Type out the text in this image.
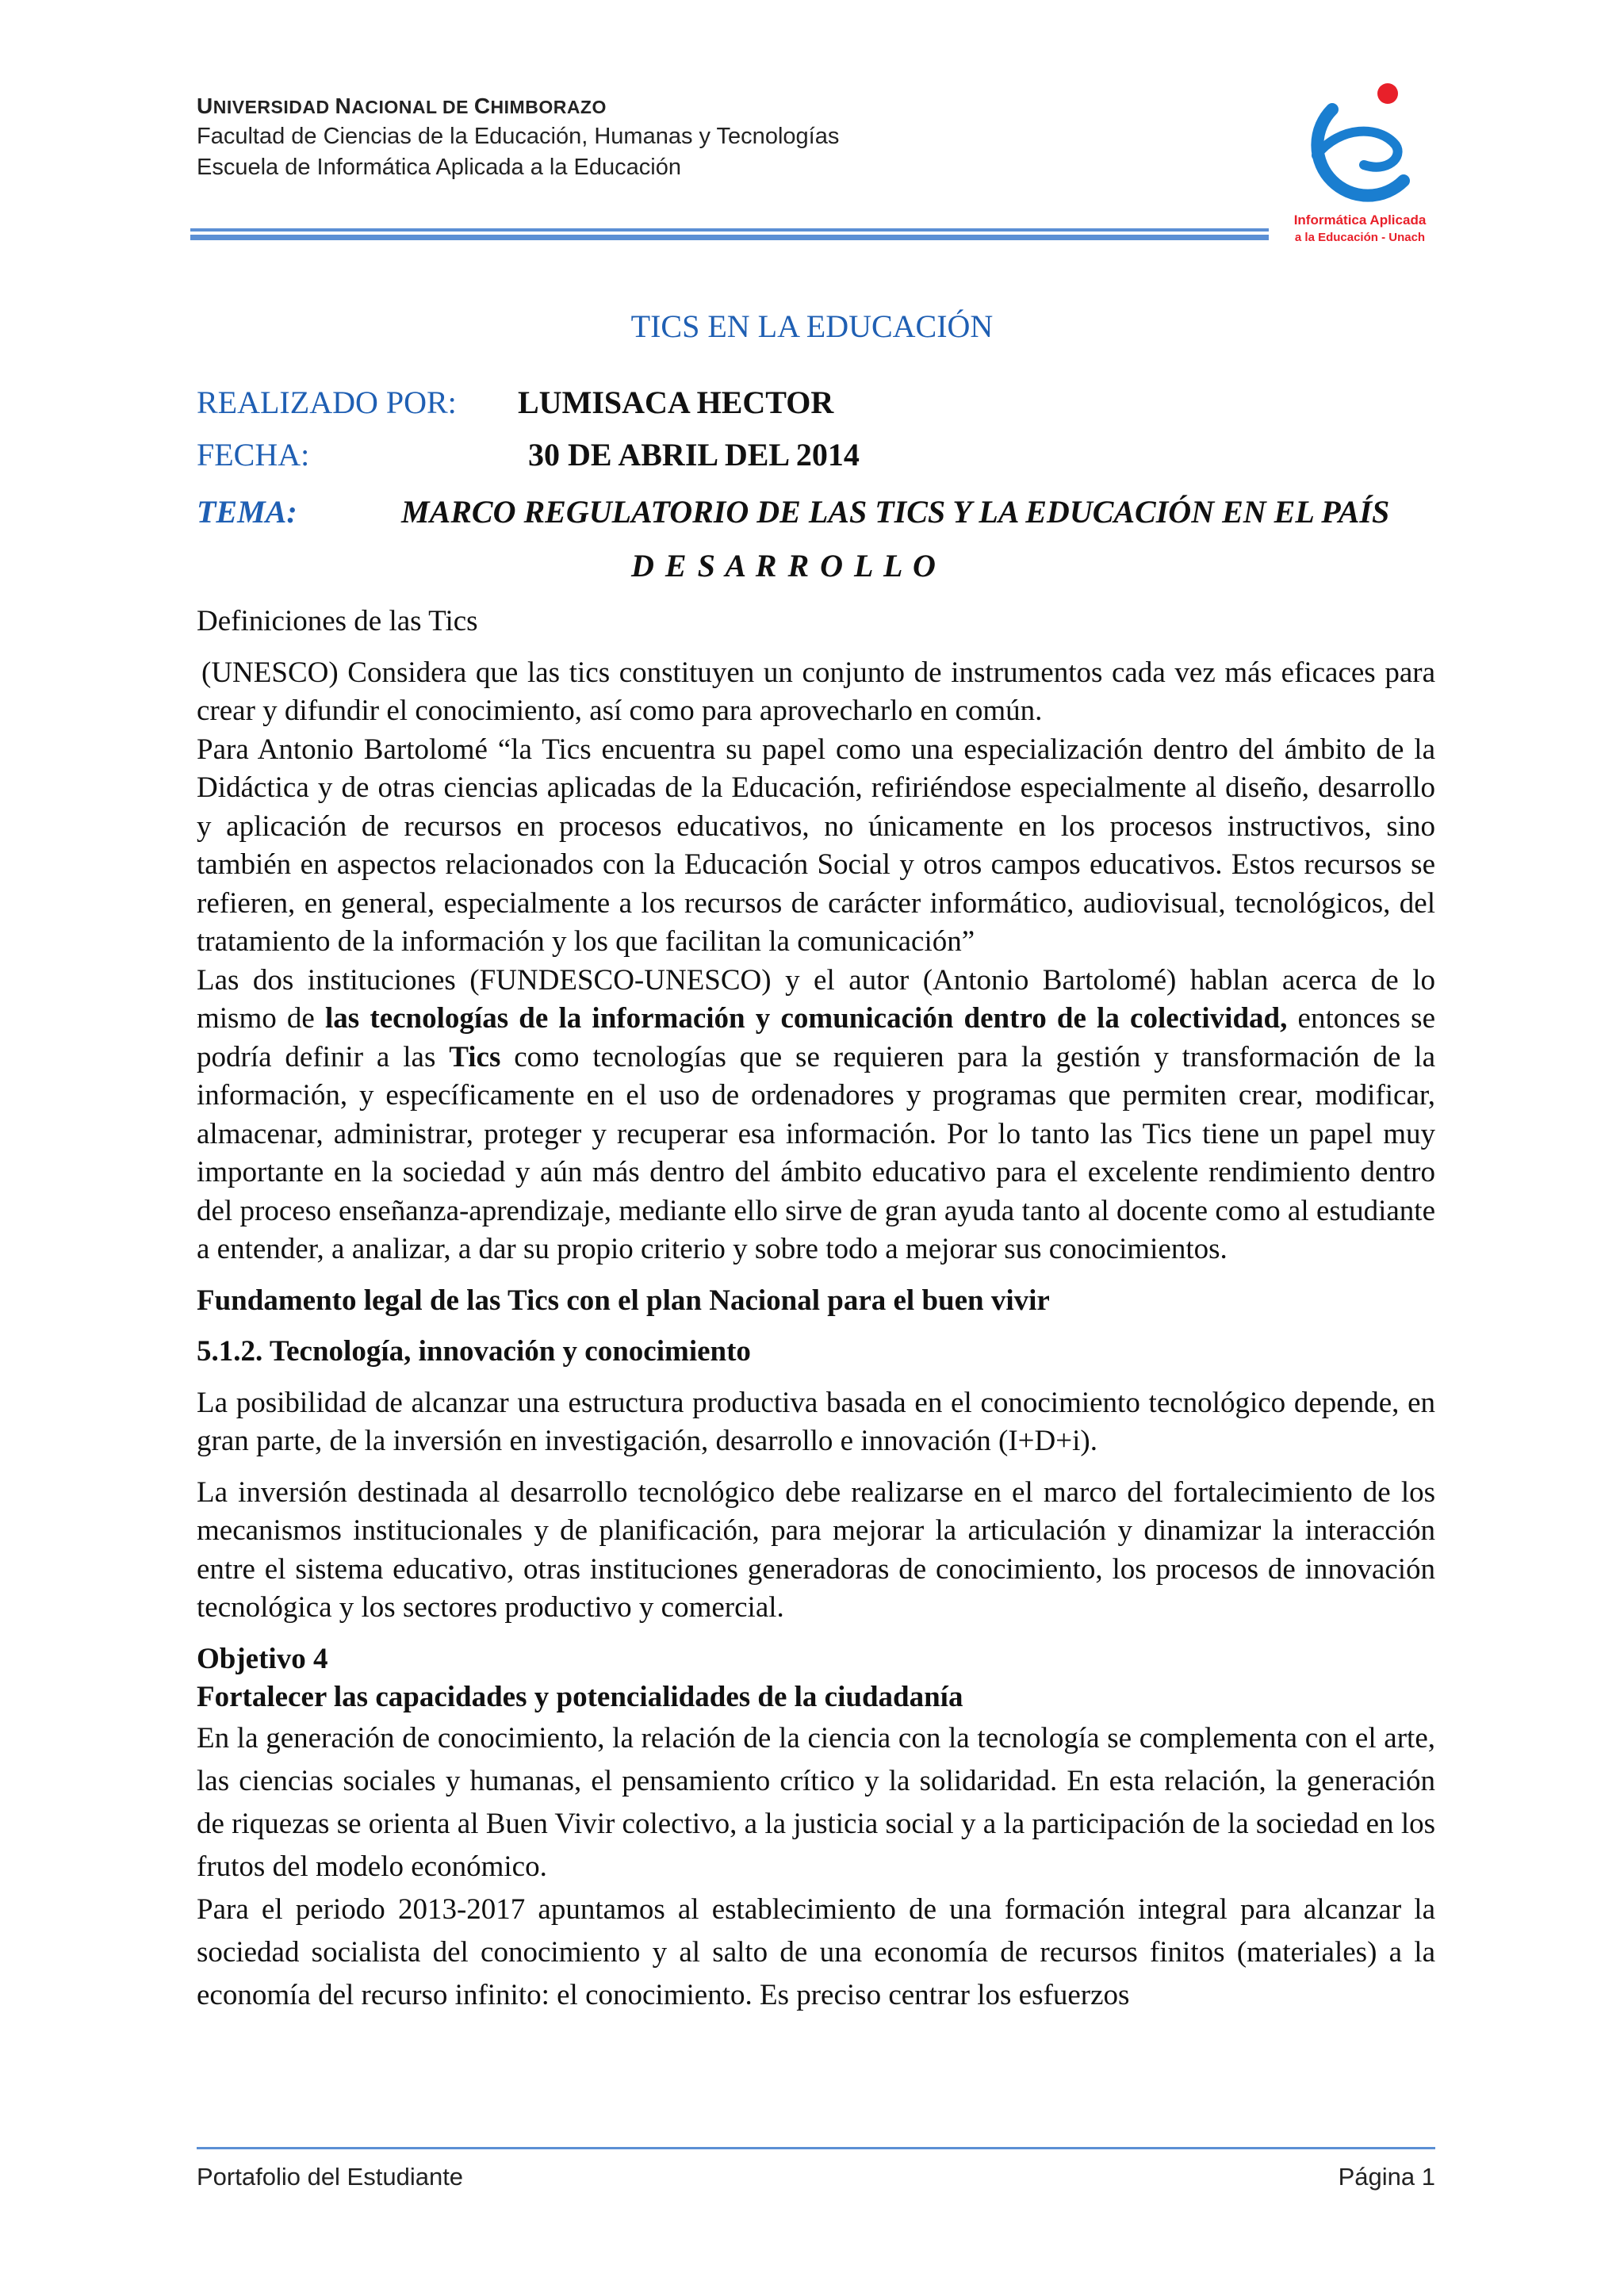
UNIVERSIDAD NACIONAL DE CHIMBORAZO
Facultad de Ciencias de la Educación, Humanas y Tecnologías
Escuela de Informática Aplicada a la Educación
Informática Aplicada
a la Educación - Unach
TICS EN LA EDUCACIÓN
REALIZADO POR: LUMISACA HECTOR
FECHA:	30 DE ABRIL DEL 2014
TEMA:	MARCO REGULATORIO DE LAS TICS Y LA EDUCACIÓN EN EL PAÍS
D E S A R R O L L O

Definiciones de las Tics

(UNESCO) Considera que las tics constituyen un conjunto de instrumentos cada vez más eficaces para crear y difundir el conocimiento, así como para aprovecharlo en común.

Para Antonio Bartolomé “la Tics encuentra su papel como una especialización dentro del ámbito de la Didáctica y de otras ciencias aplicadas de la Educación, refiriéndose especialmente al diseño, desarrollo y aplicación de recursos en procesos educativos, no únicamente en los procesos instructivos, sino también en aspectos relacionados con la Educación Social y otros campos educativos. Estos recursos se refieren, en general, especialmente a los recursos de carácter informático, audiovisual, tecnológicos, del tratamiento de la información y los que facilitan la comunicación”

Las dos instituciones (FUNDESCO-UNESCO) y el autor (Antonio Bartolomé) hablan acerca de lo mismo de las tecnologías de la información y comunicación dentro de la colectividad, entonces se podría definir a las Tics como tecnologías que se requieren para la gestión y transformación de la información, y específicamente en el uso de ordenadores y programas que permiten crear, modificar, almacenar, administrar, proteger y recuperar esa información. Por lo tanto las Tics tiene un papel muy importante en la sociedad y aún más dentro del ámbito educativo para el excelente rendimiento dentro del proceso enseñanza-aprendizaje, mediante ello sirve de gran ayuda tanto al docente como al estudiante a entender, a analizar, a dar su propio criterio y sobre todo a mejorar sus conocimientos.

Fundamento legal de las Tics con el plan Nacional para el buen vivir

5.1.2. Tecnología, innovación y conocimiento

La posibilidad de alcanzar una estructura productiva basada en el conocimiento tecnológico depende, en gran parte, de la inversión en investigación, desarrollo e innovación (I+D+i).

La inversión destinada al desarrollo tecnológico debe realizarse en el marco del fortalecimiento de los mecanismos institucionales y de planificación, para mejorar la articulación y dinamizar la interacción entre el sistema educativo, otras instituciones generadoras de conocimiento, los procesos de innovación tecnológica y los sectores productivo y comercial.

Objetivo 4

Fortalecer las capacidades y potencialidades de la ciudadanía

En la generación de conocimiento, la relación de la ciencia con la tecnología se complementa con el arte, las ciencias sociales y humanas, el pensamiento crítico y la solidaridad. En esta relación, la generación de riquezas se orienta al Buen Vivir colectivo, a la justicia social y a la participación de la sociedad en los frutos del modelo económico.

Para el periodo 2013-2017 apuntamos al establecimiento de una formación integral para alcanzar la sociedad socialista del conocimiento y al salto de una economía de recursos finitos (materiales) a la economía del recurso infinito: el conocimiento. Es preciso centrar los esfuerzos

Portafolio del Estudiante	Página 1
